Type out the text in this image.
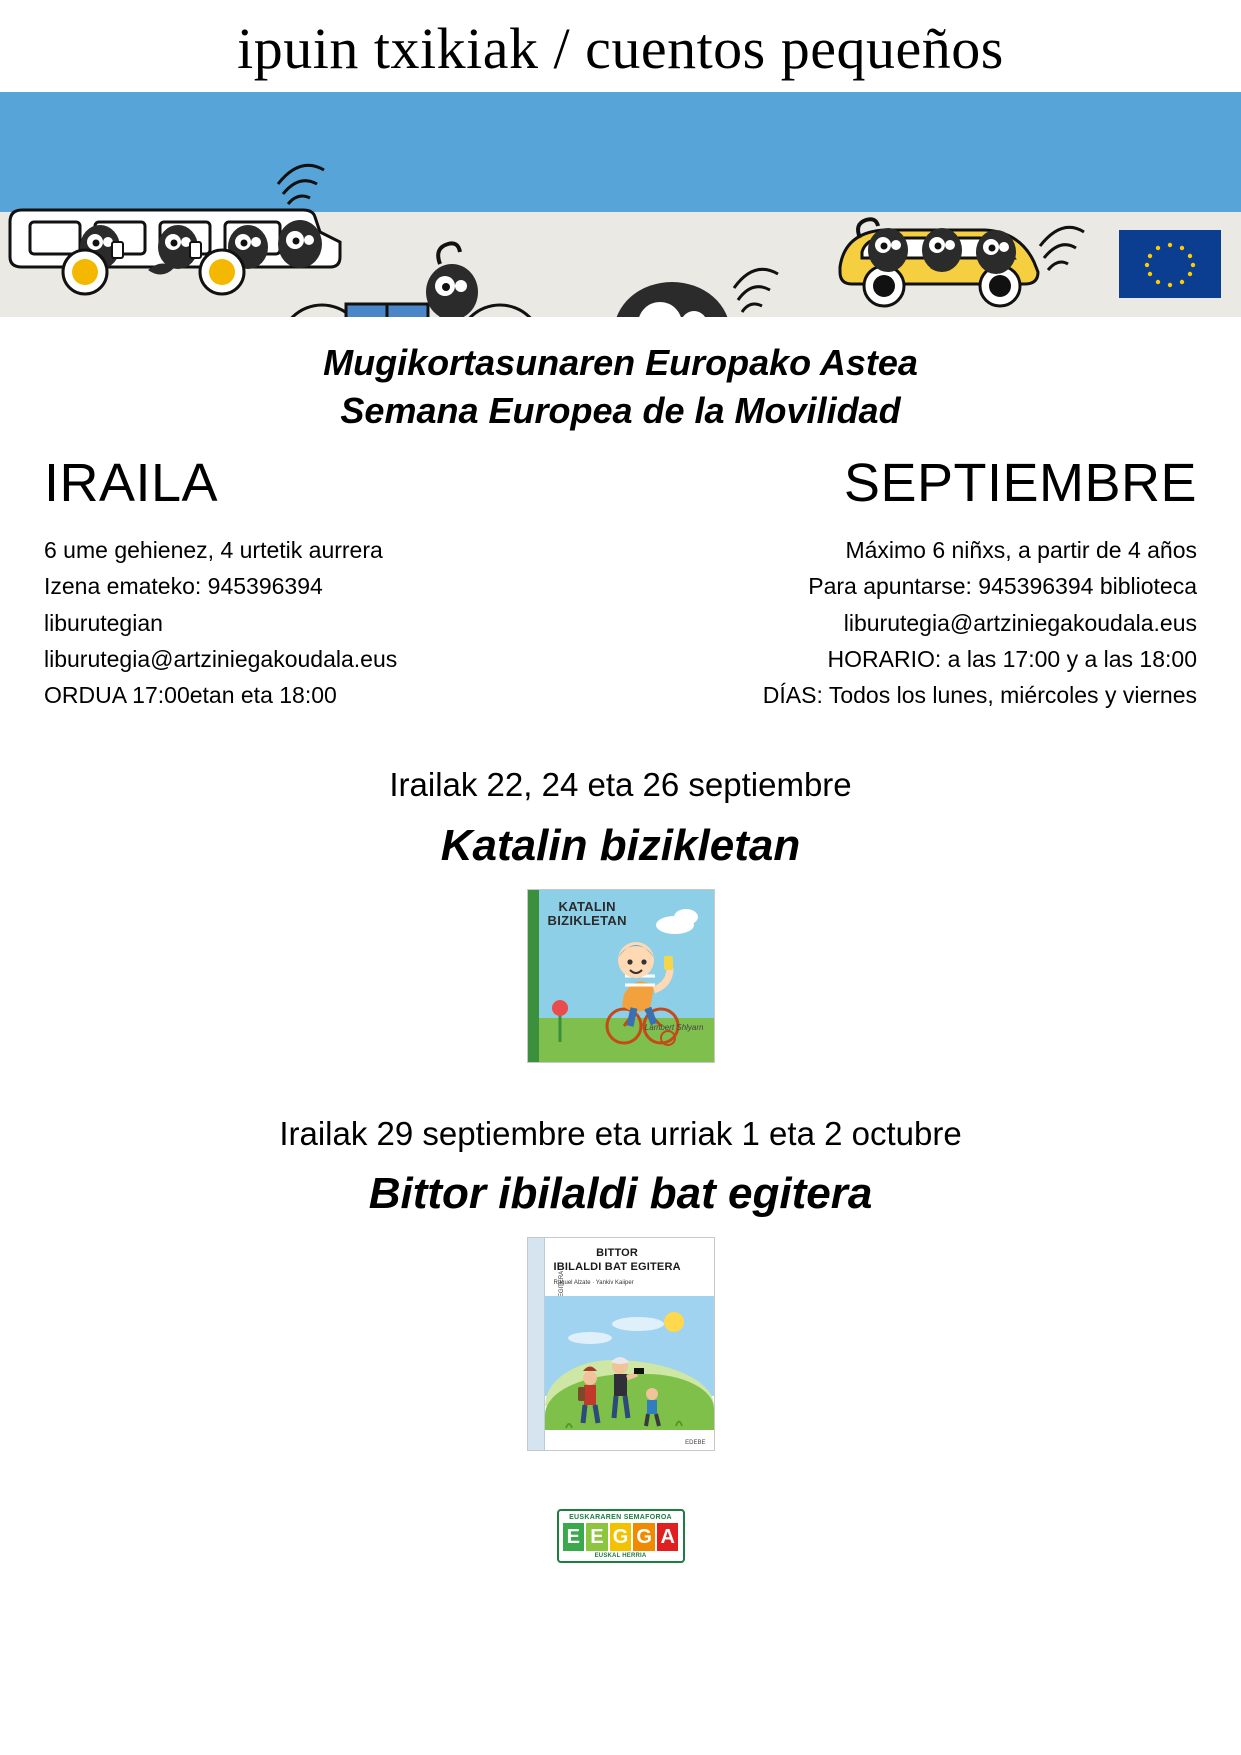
ipuin txikiak / cuentos pequeños
Mugikortasunaren Europako Astea
Semana Europea de la Movilidad
IRAILA
6 ume gehienez, 4 urtetik aurrera
Izena emateko: 945396394
liburutegian
liburutegia@artziniegakoudala.eus
ORDUA 17:00etan eta 18:00
SEPTIEMBRE
Máximo 6 niñxs, a partir de 4 años
Para apuntarse: 945396394 biblioteca
liburutegia@artziniegakoudala.eus
HORARIO: a las 17:00 y a las 18:00
DÍAS: Todos los lunes, miércoles y viernes
Irailak 22, 24 eta 26 septiembre
Katalin bizikletan
KATALIN
BIZIKLETAN
Lambert Shlyarn
Irailak 29 septiembre eta urriak 1 eta 2 octubre
Bittor ibilaldi bat egitera
BITTOR
IBILALDI BAT EGITERA
Raquel Alzate · Yankiv Kaiiper
EDEBE
EUSKARAREN SEMAFOROA
E E G G A
EUSKAL HERRIA
